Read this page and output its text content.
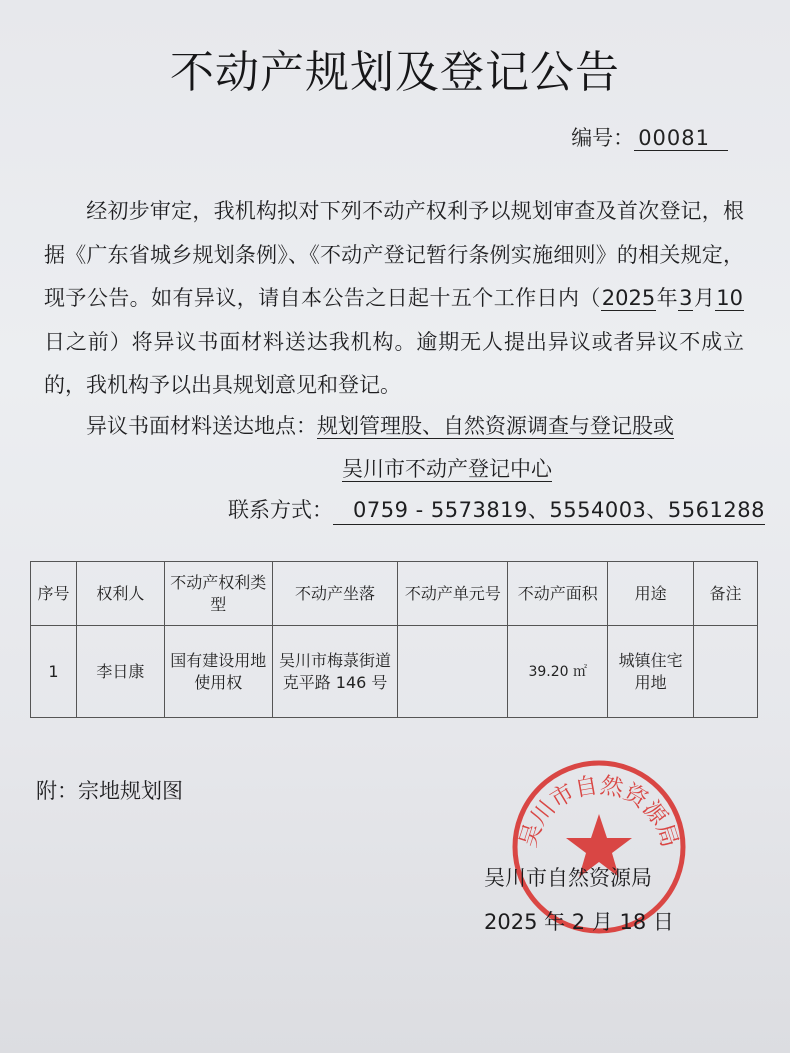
不动产规划及登记公告
编号： 00081

经初步审定，我机构拟对下列不动产权利予以规划审查及首次登记，根据《广东省城乡规划条例》、《不动产登记暂行条例实施细则》的相关规定，现予公告。如有异议，请自本公告之日起十五个工作日内（2025年3月10日之前）将异议书面材料送达我机构。逾期无人提出异议或者异议不成立的，我机构予以出具规划意见和登记。

异议书面材料送达地点：规划管理股、自然资源调查与登记股或
吴川市不动产登记中心
联系方式： 0759 - 5573819、5554003、5561288
序号	权利人	不动产权利类型	不动产坐落	不动产单元号	不动产面积	用途	备注
1	李日康	国有建设用地使用权	吴川市梅菉街道克平路 146 号		39.20 ㎡	城镇住宅用地	
附：宗地规划图
吴川市自然资源局
吴川市自然资源局
2025 年 2 月 18 日
